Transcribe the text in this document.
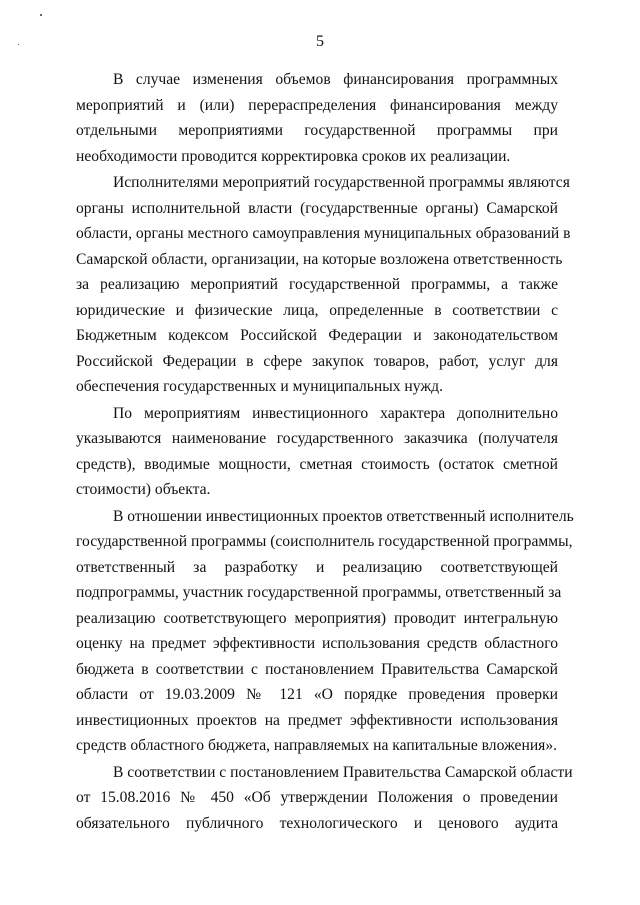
5

В случае изменения объемов финансирования программных
мероприятий и (или) перераспределения финансирования между
отдельными мероприятиями государственной программы при
необходимости проводится корректировка сроков их реализации.

Исполнителями мероприятий государственной программы являются
органы исполнительной власти (государственные органы) Самарской
области, органы местного самоуправления муниципальных образований в
Самарской области, организации, на которые возложена ответственность
за реализацию мероприятий государственной программы, а также
юридические и физические лица, определенные в соответствии с
Бюджетным кодексом Российской Федерации и законодательством
Российской Федерации в сфере закупок товаров, работ, услуг для
обеспечения государственных и муниципальных нужд.

По мероприятиям инвестиционного характера дополнительно
указываются наименование государственного заказчика (получателя
средств), вводимые мощности, сметная стоимость (остаток сметной
стоимости) объекта.

В отношении инвестиционных проектов ответственный исполнитель
государственной программы (соисполнитель государственной программы,
ответственный за разработку и реализацию соответствующей
подпрограммы, участник государственной программы, ответственный за
реализацию соответствующего мероприятия) проводит интегральную
оценку на предмет эффективности использования средств областного
бюджета в соответствии с постановлением Правительства Самарской
области от 19.03.2009 № 121 «О порядке проведения проверки
инвестиционных проектов на предмет эффективности использования
средств областного бюджета, направляемых на капитальные вложения».

В соответствии с постановлением Правительства Самарской области
от 15.08.2016 № 450 «Об утверждении Положения о проведении
обязательного публичного технологического и ценового аудита
